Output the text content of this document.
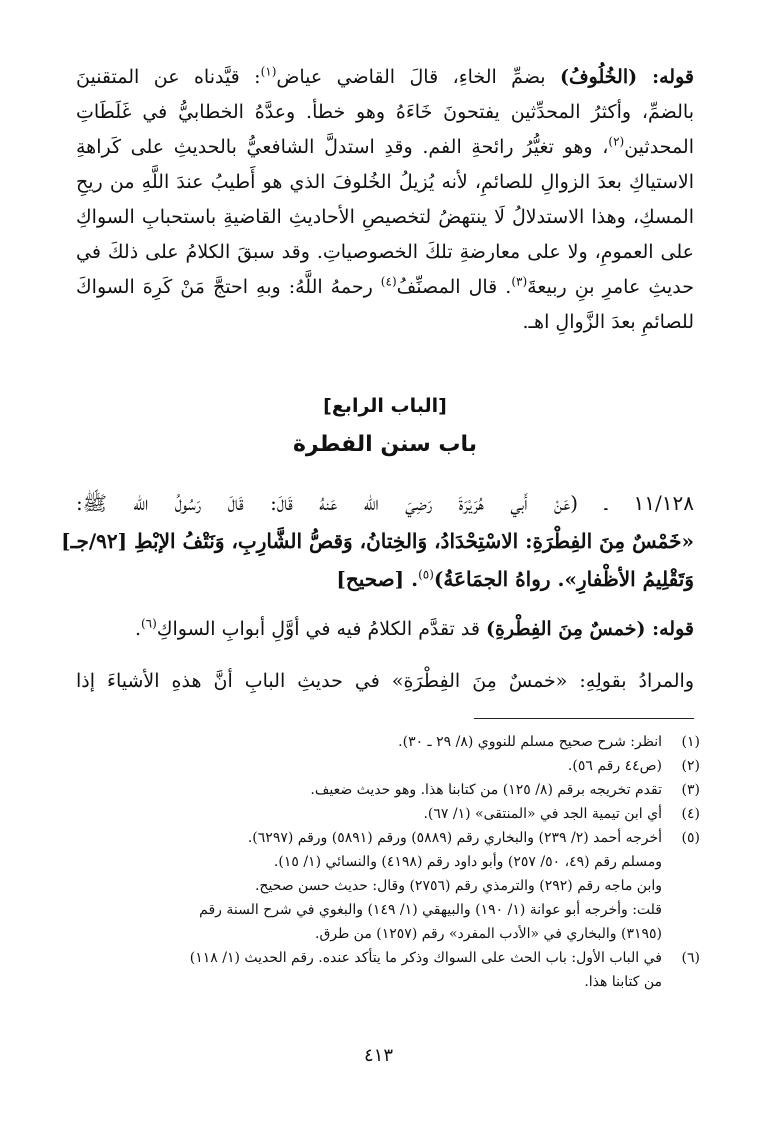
قوله: (الخُلُوفُ) بضمِّ الخاءِ، قالَ القاضي عياض$^{(١)}$: قيَّدناه عن المتقنينَ
بالضمِّ، وأكثرُ المحدِّثين يفتحونَ خَاءَهُ وهو خطأ. وعدَّهُ الخطابيُّ في غَلَطَاتِ
المحدثين$^{(٢)}$، وهو تغيُّرُ رائحةِ الفم. وقدِ استدلَّ الشافعيُّ بالحديثِ على كَراهةِ
الاستياكِ بعدَ الزوالِ للصائمِ، لأنه يُزيلُ الخُلوفَ الذي هو أَطيبُ عندَ اللَّهِ من ريحِ
المسكِ، وهذا الاستدلالُ لَا ينتهضُ لتخصيصِ الأحاديثِ القاضيةِ باستحبابِ السواكِ
على العمومِ، ولا على معارضةِ تلكَ الخصوصياتِ. وقد سبقَ الكلامُ على ذلكَ في
حديثِ عامرِ بنِ ربيعةَ$^{(٣)}$. قال المصنِّفُ$^{(٤)}$ رحمهُ اللَّهُ: وبهِ احتجَّ مَنْ كَرِهَ السواكَ
للصائمِ بعدَ الزَّوالِ اهـ.
[الباب الرابع]
باب سنن الفطرة
١١/١٢٨ ـ (عَنْ أَبي هُرَيْرَةَ رَضِيَ الله عَنهُ قَالَ: قَالَ رَسُولُ الله ﷺ:
«خَمْسٌ مِنَ الفِطْرَةِ: الاسْتِحْدَادُ، وَالخِتانُ، وَقصُّ الشَّارِبِ، وَنَتْفُ الإبْطِ [٩٢/جـ]
وَتَقْلِيمُ الأظْفارِ». رواهُ الجمَاعَةُ)$^{(٥)}$. [صحيح]
قوله: (خمسٌ مِنَ الفِطْرةِ) قد تقدَّم الكلامُ فيه في أوَّلِ أبوابِ السواكِ$^{(٦)}$.
والمرادُ بقولِهِ: «خمسٌ مِنَ الفِطْرَةِ» في حديثِ البابِ أنَّ هذهِ الأشياءَ إذا
(١)
انظر: شرح صحيح مسلم للنووي (٨/ ٢٩ ـ ٣٠).
(٢)
(ص٤٤ رقم ٥٦).
(٣)
تقدم تخريجه برقم (٨/ ١٢٥) من كتابنا هذا. وهو حديث ضعيف.
(٤)
أي ابن تيمية الجد في «المنتقى» (١/ ٦٧).
(٥)
أخرجه أحمد (٢/ ٢٣٩) والبخاري رقم (٥٨٨٩) ورقم (٥٨٩١) ورقم (٦٢٩٧).
ومسلم رقم (٤٩، ٥٠/ ٢٥٧) وأبو داود رقم (٤١٩٨) والنسائي (١/ ١٥).
وابن ماجه رقم (٢٩٢) والترمذي رقم (٢٧٥٦) وقال: حديث حسن صحيح.
قلت: وأخرجه أبو عوانة (١/ ١٩٠) والبيهقي (١/ ١٤٩) والبغوي في شرح السنة رقم
(٣١٩٥) والبخاري في «الأدب المفرد» رقم (١٢٥٧) من طرق.
(٦)
في الباب الأول: باب الحث على السواك وذكر ما يتأكد عنده. رقم الحديث (١/ ١١٨)
من كتابنا هذا.
٤١٣
